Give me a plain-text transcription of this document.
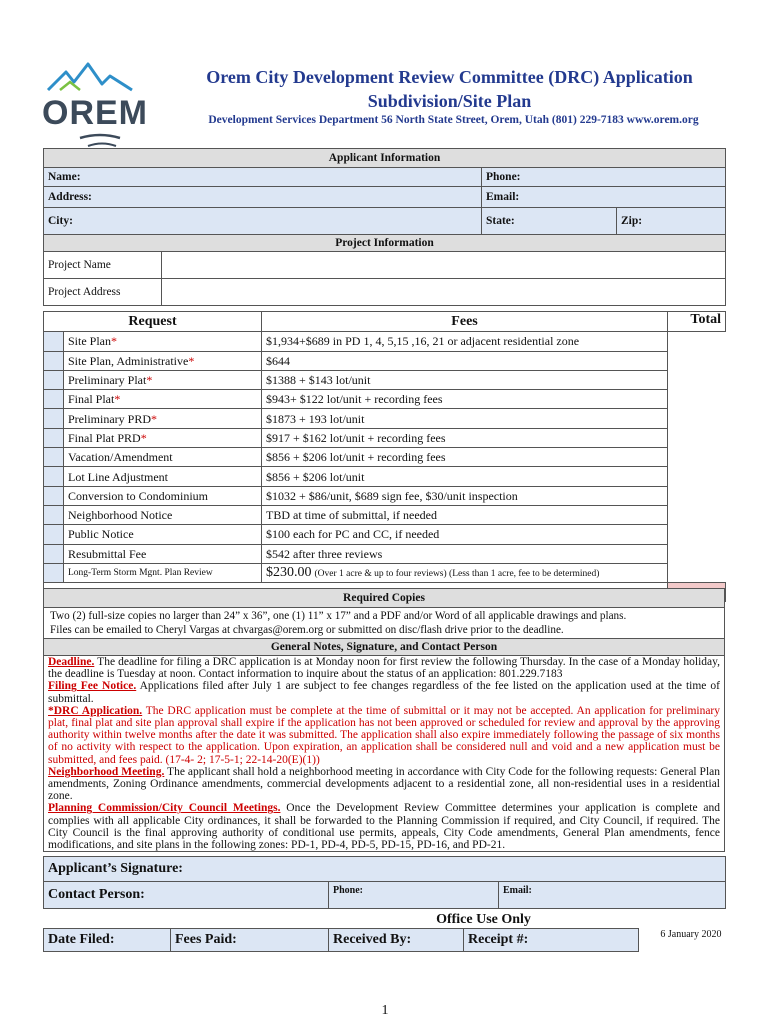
OREM
Orem City Development Review Committee (DRC) Application
Subdivision/Site Plan
Development Services Department 56 North State Street, Orem, Utah (801) 229-7183 www.orem.org
Applicant Information			
Name:		Phone:	
Address:		Email:	
City:		State:	Zip:
Project Information			
Project Name			
Project Address			
Request		Fees	Total
	Site Plan*	$1,934+$689 in PD 1, 4, 5,15 ,16, 21 or adjacent residential zone	
	Site Plan, Administrative*	$644	
	Preliminary Plat*	$1388 + $143 lot/unit	
	Final Plat*	$943+ $122 lot/unit + recording fees	
	Preliminary PRD*	$1873 + 193 lot/unit	
	Final Plat PRD*	$917 + $162 lot/unit + recording fees	
	Vacation/Amendment	$856 + $206 lot/unit + recording fees	
	Lot Line Adjustment	$856 + $206 lot/unit	
	Conversion to Condominium	$1032 + $86/unit, $689 sign fee, $30/unit inspection	
	Neighborhood Notice	TBD at time of submittal, if needed	
	Public Notice	$100 each for PC and CC, if needed	
	Resubmittal Fee	$542 after three reviews	
	Long-Term Storm Mgnt. Plan Review	$230.00 (Over 1 acre & up to four reviews) (Less than 1 acre, fee to be determined)	

Required Copies

Two (2) full-size copies no larger than 24” x 36”, one (1) 11” x 17” and a PDF and/or Word of all applicable drawings and plans.
Files can be emailed to Cheryl Vargas at chvargas@orem.org or submitted on disc/flash drive prior to the deadline.

General Notes, Signature, and Contact Person

Deadline. The deadline for filing a DRC application is at Monday noon for first review the following Thursday. In the case of a Monday holiday, the deadline is Tuesday at noon. Contact information to inquire about the status of an application: 801.229.7183
Filing Fee Notice. Applications filed after July 1 are subject to fee changes regardless of the fee listed on the application used at the time of submittal.
*DRC Application. The DRC application must be complete at the time of submittal or it may not be accepted. An application for preliminary plat, final plat and site plan approval shall expire if the application has not been approved or scheduled for review and approval by the approving authority within twelve months after the date it was submitted. The application shall also expire immediately following the passage of six months of no activity with respect to the application. Upon expiration, an application shall be considered null and void and a new application must be submitted, and fees paid. (17-4- 2; 17-5-1; 22-14-20(E)(1))
Neighborhood Meeting. The applicant shall hold a neighborhood meeting in accordance with City Code for the following requests: General Plan amendments, Zoning Ordinance amendments, commercial developments adjacent to a residential zone, all non-residential uses in a residential zone.
Planning Commission/City Council Meetings. Once the Development Review Committee determines your application is complete and complies with all applicable City ordinances, it shall be forwarded to the Planning Commission if required, and City Council, if required. The City Council is the final approving authority of conditional use permits, appeals, City Code amendments, General Plan amendments, fence modifications, and site plans in the following zones: PD-1, PD-4, PD-5, PD-15, PD-16, and PD-21.
Applicant’s Signature:
Contact Person:	Phone:	Email:
		Office Use Only		
Date Filed:	Fees Paid:	Received By:	Receipt #:	6 January 2020
1
